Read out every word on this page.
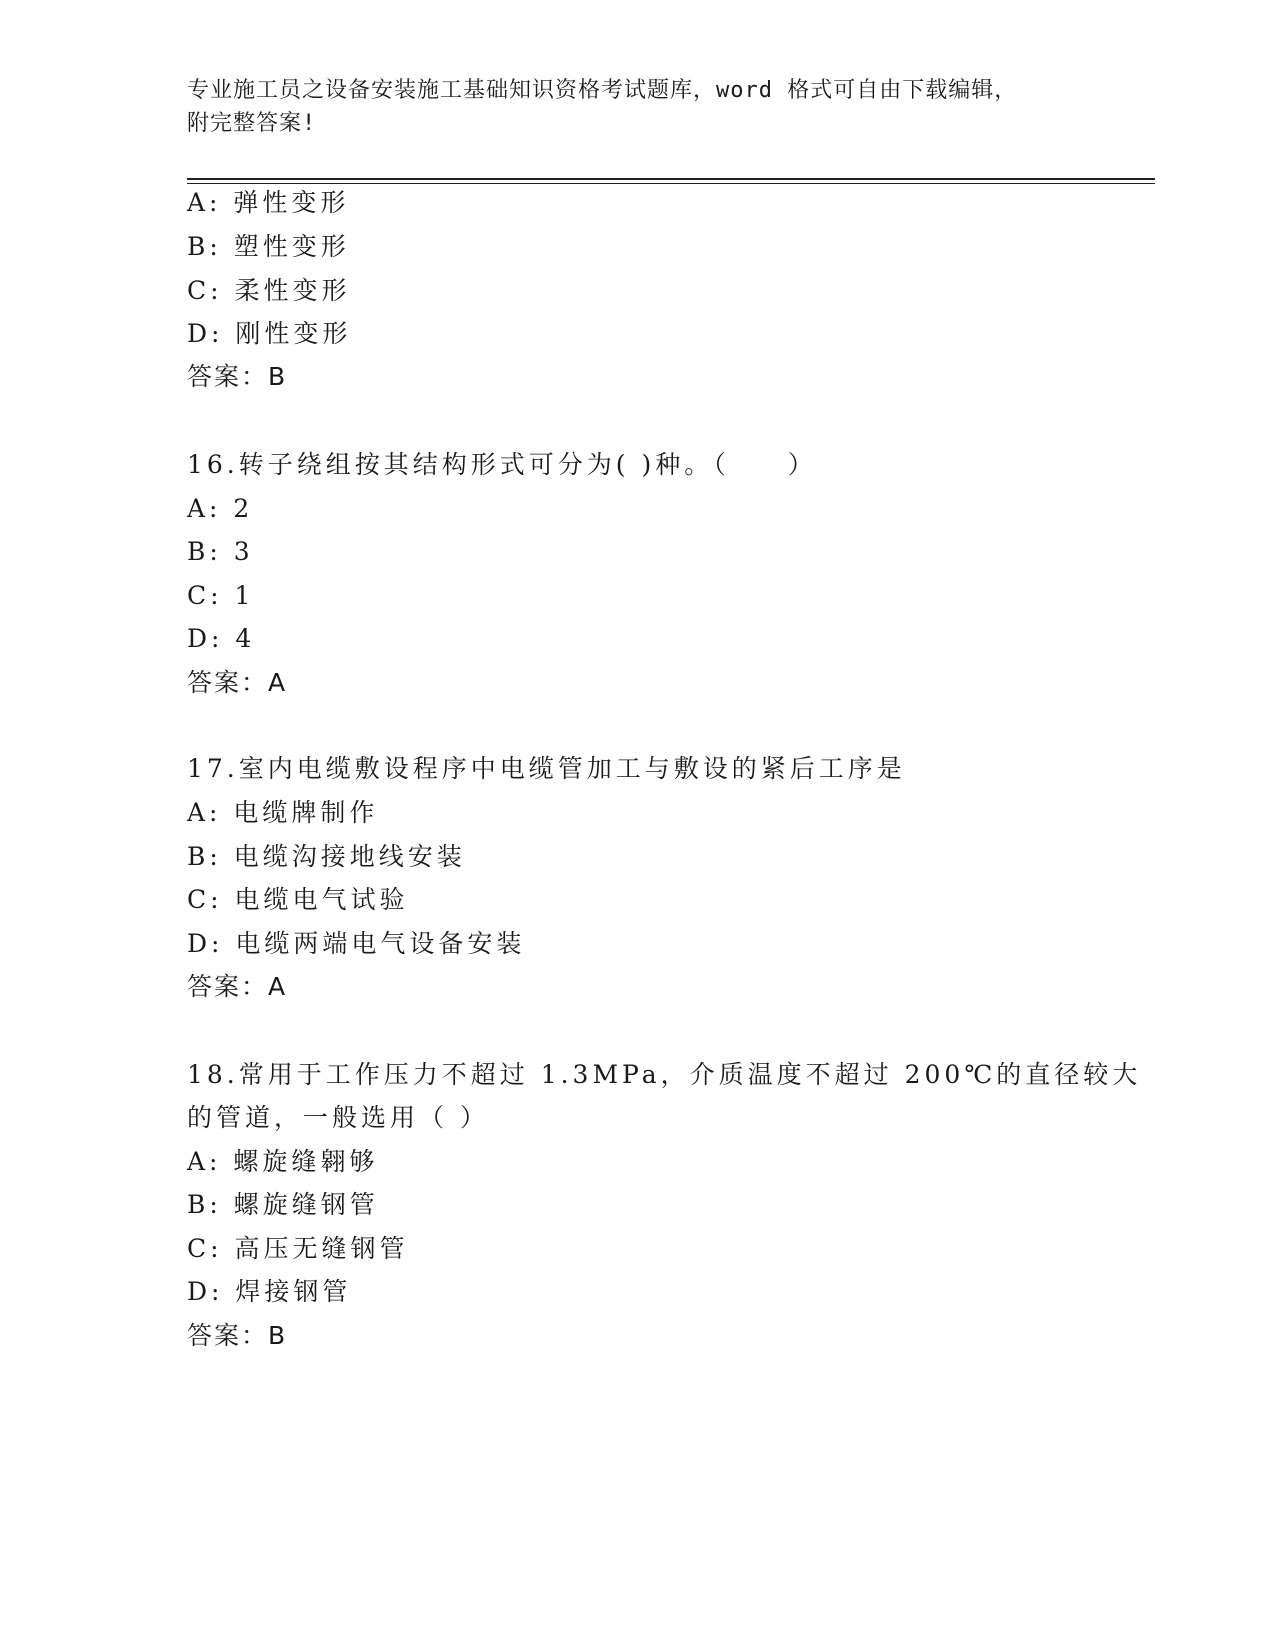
专业施工员之设备安装施工基础知识资格考试题库，word 格式可自由下载编辑，
附完整答案!
A: 弹性变形
B: 塑性变形
C: 柔性变形
D: 刚性变形
答案：B
16.转子绕组按其结构形式可分为( )种。（　　）
A: 2
B: 3
C: 1
D: 4
答案：A
17.室内电缆敷设程序中电缆管加工与敷设的紧后工序是
A: 电缆牌制作
B: 电缆沟接地线安装
C: 电缆电气试验
D: 电缆两端电气设备安装
答案：A
18.常用于工作压力不超过 1.3MPa，介质温度不超过 200℃的直径较大
的管道，一般选用（ ）
A: 螺旋缝翱够
B: 螺旋缝钢管
C: 高压无缝钢管
D: 焊接钢管
答案：B
